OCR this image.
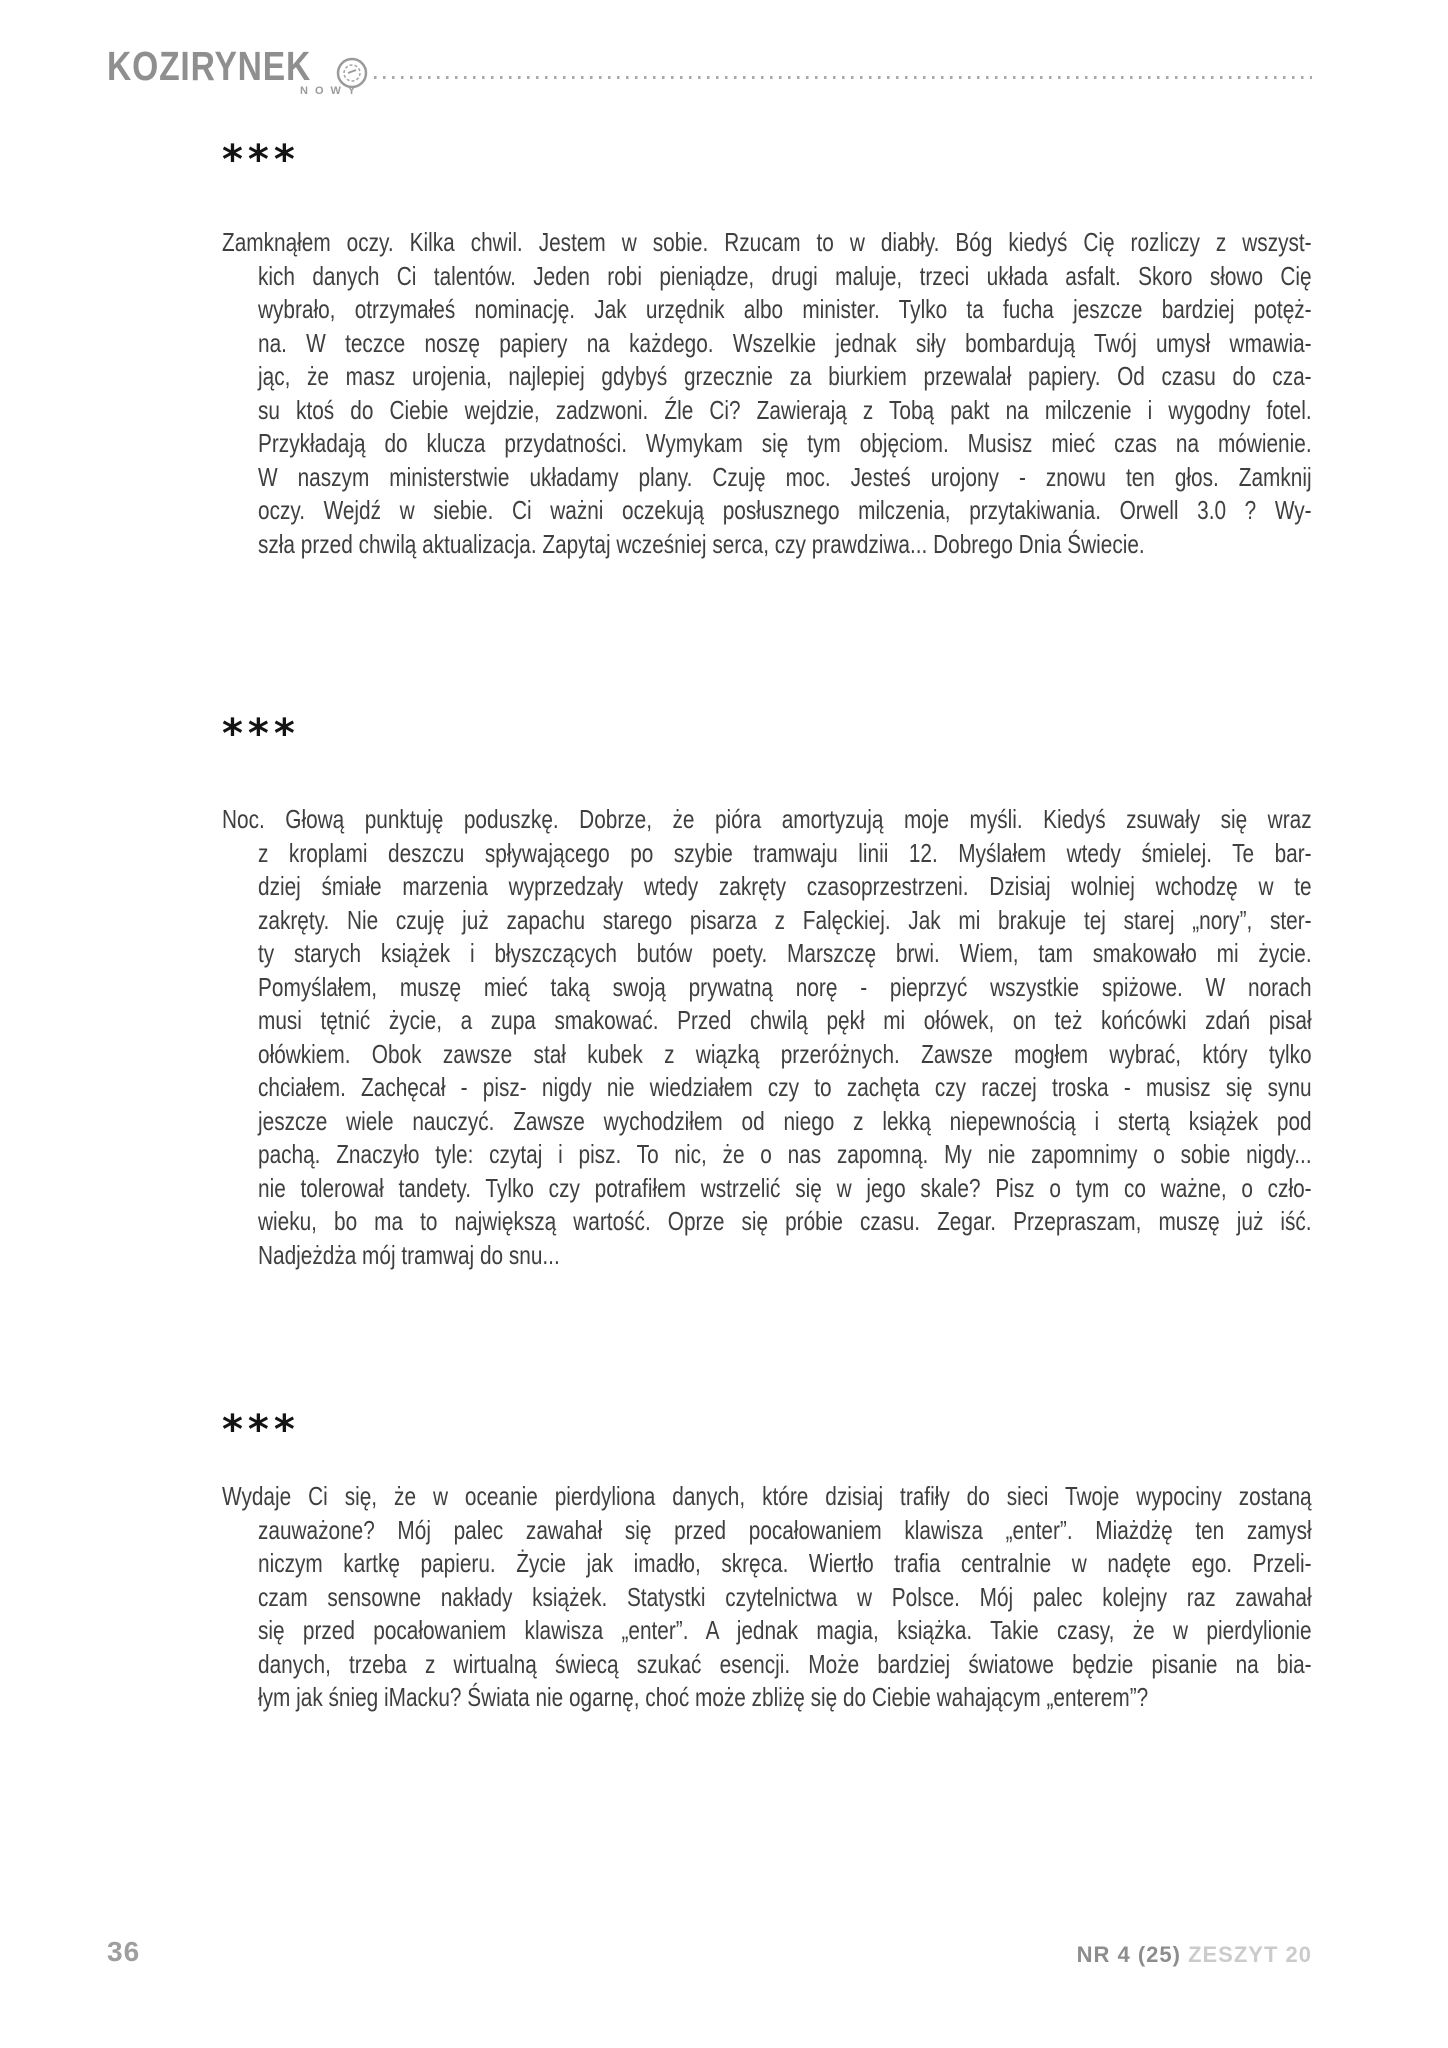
KOZIRYNEK
NOWY
***
Zamknąłem oczy. Kilka chwil. Jestem w sobie. Rzucam to w diabły. Bóg kiedyś Cię rozliczy z wszyst-
kich danych Ci talentów. Jeden robi pieniądze, drugi maluje, trzeci układa asfalt. Skoro słowo Cię
wybrało, otrzymałeś nominację. Jak urzędnik albo minister. Tylko ta fucha jeszcze bardziej potęż-
na. W teczce noszę papiery na każdego. Wszelkie jednak siły bombardują Twój umysł wmawia-
jąc, że masz urojenia, najlepiej gdybyś grzecznie za biurkiem przewalał papiery. Od czasu do cza-
su ktoś do Ciebie wejdzie, zadzwoni. Źle Ci? Zawierają z Tobą pakt na milczenie i wygodny fotel.
Przykładają do klucza przydatności. Wymykam się tym objęciom. Musisz mieć czas na mówienie.
W naszym ministerstwie układamy plany. Czuję moc. Jesteś urojony - znowu ten głos. Zamknij
oczy. Wejdź w siebie. Ci ważni oczekują posłusznego milczenia, przytakiwania. Orwell 3.0 ? Wy-
szła przed chwilą aktualizacja. Zapytaj wcześniej serca, czy prawdziwa... Dobrego Dnia Świecie.
***
Noc. Głową punktuję poduszkę. Dobrze, że pióra amortyzują moje myśli. Kiedyś zsuwały się wraz
z kroplami deszczu spływającego po szybie tramwaju linii 12. Myślałem wtedy śmielej. Te bar-
dziej śmiałe marzenia wyprzedzały wtedy zakręty czasoprzestrzeni. Dzisiaj wolniej wchodzę w te
zakręty. Nie czuję już zapachu starego pisarza z Falęckiej. Jak mi brakuje tej starej „nory”, ster-
ty starych książek i błyszczących butów poety. Marszczę brwi. Wiem, tam smakowało mi życie.
Pomyślałem, muszę mieć taką swoją prywatną norę - pieprzyć wszystkie spiżowe. W norach
musi tętnić życie, a zupa smakować. Przed chwilą pękł mi ołówek, on też końcówki zdań pisał
ołówkiem. Obok zawsze stał kubek z wiązką przeróżnych. Zawsze mogłem wybrać, który tylko
chciałem. Zachęcał - pisz- nigdy nie wiedziałem czy to zachęta czy raczej troska - musisz się synu
jeszcze wiele nauczyć. Zawsze wychodziłem od niego z lekką niepewnością i stertą książek pod
pachą. Znaczyło tyle: czytaj i pisz. To nic, że o nas zapomną. My nie zapomnimy o sobie nigdy...
nie tolerował tandety. Tylko czy potrafiłem wstrzelić się w jego skale? Pisz o tym co ważne, o czło-
wieku, bo ma to największą wartość. Oprze się próbie czasu. Zegar. Przepraszam, muszę już iść.
Nadjeżdża mój tramwaj do snu...
***
Wydaje Ci się, że w oceanie pierdyliona danych, które dzisiaj trafiły do sieci Twoje wypociny zostaną
zauważone? Mój palec zawahał się przed pocałowaniem klawisza „enter”. Miażdżę ten zamysł
niczym kartkę papieru. Życie jak imadło, skręca. Wiertło trafia centralnie w nadęte ego. Przeli-
czam sensowne nakłady książek. Statystki czytelnictwa w Polsce. Mój palec kolejny raz zawahał
się przed pocałowaniem klawisza „enter”. A jednak magia, książka. Takie czasy, że w pierdylionie
danych, trzeba z wirtualną świecą szukać esencji. Może bardziej światowe będzie pisanie na bia-
łym jak śnieg iMacku? Świata nie ogarnę, choć może zbliżę się do Ciebie wahającym „enterem”?
36	NR 4 (25) ZESZYT 20
